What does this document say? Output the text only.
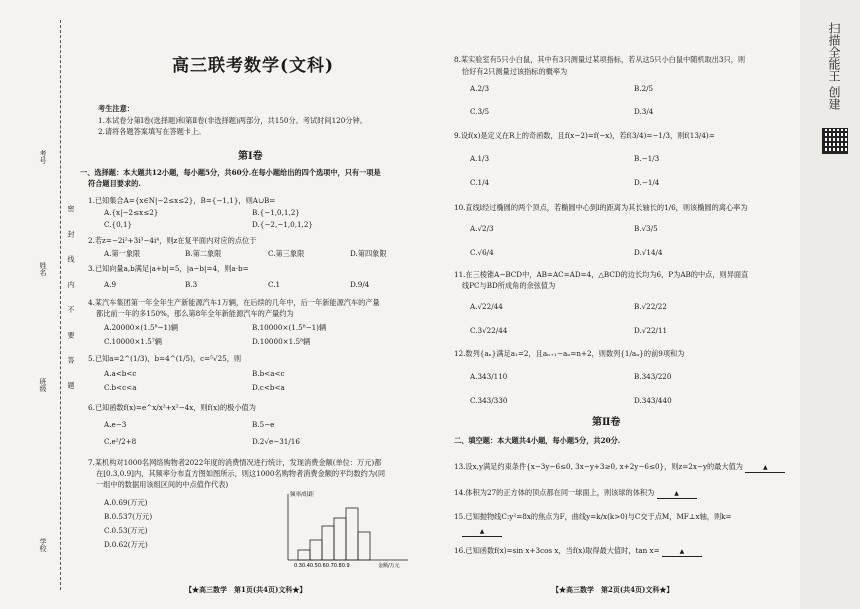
扫描全能王 创建
考号
姓名
班级
学校
密 封 线 内 不 要 答 题
高三联考数学(文科)
考生注意：
1.本试卷分第Ⅰ卷(选择题)和第Ⅱ卷(非选择题)两部分，共150分。考试时间120分钟。
2.请将各题答案填写在答题卡上。
第Ⅰ卷
一、选择题：本大题共12小题，每小题5分，共60分.在每小题给出的四个选项中，只有一项是
符合题目要求的.
1.已知集合A={x∈N|−2≤x≤2}，B={−1,1}，则A∪B=
A.{x|−2≤x≤2}	B.{−1,0,1,2}
C.{0,1}	D.{−2,−1,0,1,2}
2.若z=−2i²+3i³−4i⁴，则z在复平面内对应的点位于
A.第一象限	B.第二象限	C.第三象限	D.第四象限
3.已知向量a,b满足|a+b|=5，|a−b|=4，则a·b=
A.9	B.3	C.1	D.9/4
4.某汽车集团第一年全年生产新能源汽车1万辆，在后续的几年中，后一年新能源汽车的产量
都比前一年的多150%，那么第8年全年新能源汽车的产量约为
A.20000×(1.5⁸−1)辆	B.10000×(1.5⁸−1)辆
C.10000×1.5⁷辆	D.10000×1.5⁸辆
5.已知a=2^(1/3)，b=4^(1/5)，c=⁵√25，则
A.a<b<c	B.b<a<c
C.b<c<a	D.c<b<a
6.已知函数f(x)=e^x/x²+x²−4x，则f(x)的极小值为
A.e−3	B.5−e
C.e²/2+8	D.2√e−31/16
7.某机构对1000名网络购物者2022年度的消费情况进行统计，发现消费金额(单位：万元)都
在[0.3,0.9]内，其频率分布直方图如图所示，则这1000名购物者消费金额的平均数约为(同
一组中的数据用该组区间的中点值作代表)
A.0.69(万元)
B.0.537(万元)
C.0.53(万元)
D.0.62(万元)
频率/组距
0.30.40.50.60.70.80.9	金额/万元
【★高三数学　第1页(共4页)文科★】
8.某实验室有5只小白鼠，其中有3只测量过某项指标，若从这5只小白鼠中随机取出3只，则
恰好有2只测量过该指标的概率为
A.2/3	B.2/5
C.3/5	D.3/4
9.设f(x)是定义在R上的奇函数，且f(x−2)=f(−x)，若f(3/4)=−1/3，则f(13/4)=
A.1/3	B.−1/3
C.1/4	D.−1/4
10.直线l经过椭圆的两个顶点，若椭圆中心到l的距离为其长轴长的1/6，则该椭圆的离心率为
A.√2/3	B.√3/5
C.√6/4	D.√14/4
11.在三棱锥A−BCD中，AB=AC=AD=4，△BCD的边长均为6，P为AB的中点，则异面直
线PC与BD所成角的余弦值为
A.√22/44	B.√22/22
C.3√22/44	D.√22/11
12.数列{aₙ}满足a₁=2，且aₙ₊₁−aₙ=n+2，则数列{1/aₙ}的前9项和为
A.343/110	B.343/220
C.343/330	D.343/440
第Ⅱ卷
二、填空题：本大题共4小题，每小题5分，共20分.
13.设x,y满足约束条件{x−3y−6≤0, 3x−y+3≥0, x+2y−6≤0}，则z=2x−y的最大值为	▲
14.体积为27的正方体的顶点都在同一球面上，则该球的体积为	▲
15.已知抛物线C:y²=8x的焦点为F，曲线y=k/x(k>0)与C交于点M，MF⊥x轴，则k=
▲
16.已知函数f(x)=sin x+3cos x，当f(x)取得最大值时，tan x=	▲
【★高三数学　第2页(共4页)文科★】
